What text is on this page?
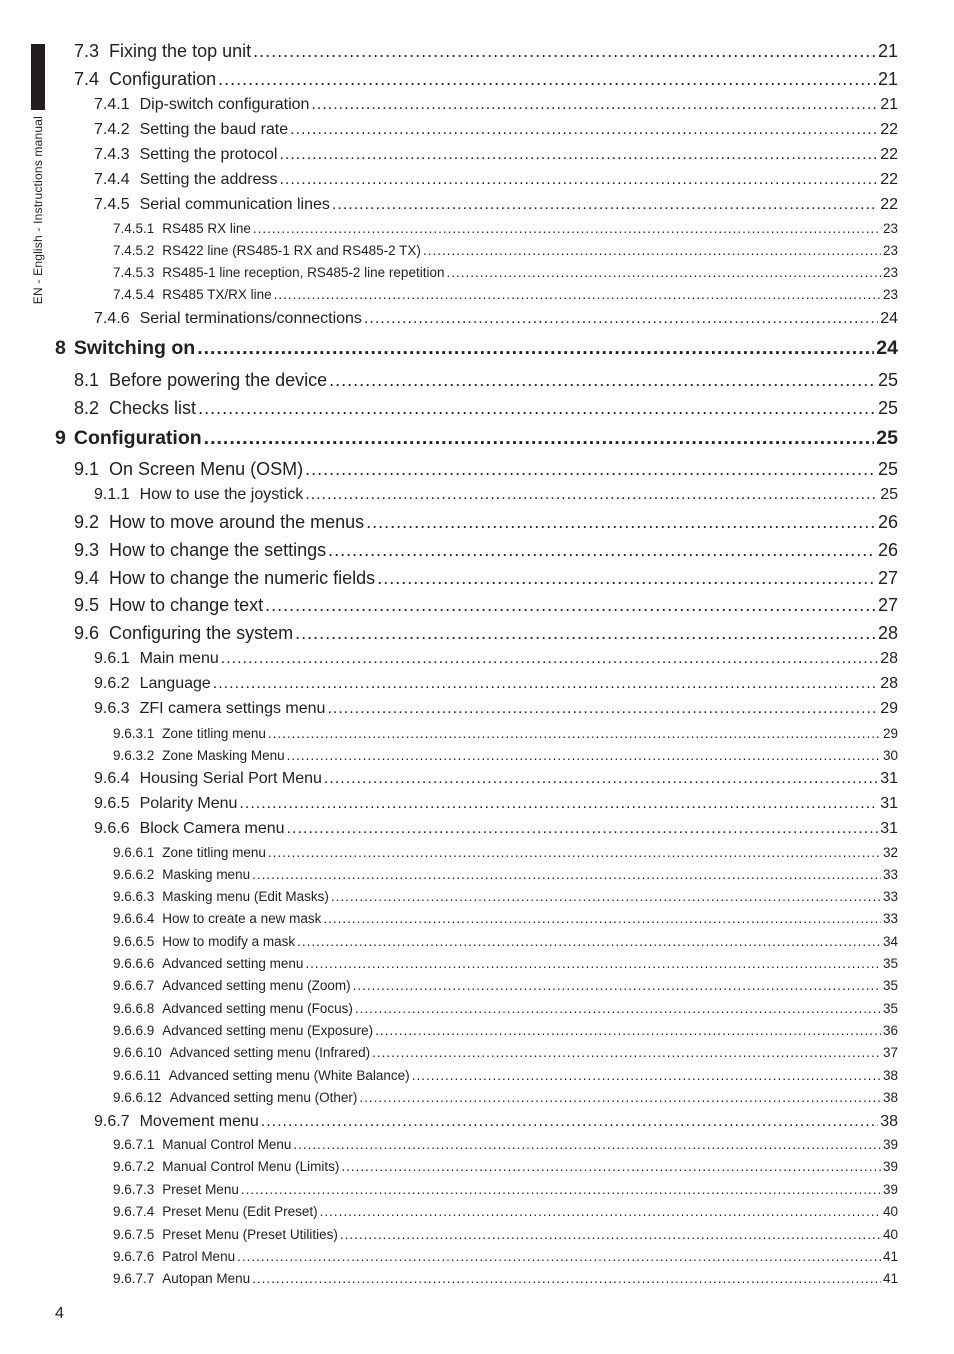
EN - English - Instructions manual
7.3 Fixing the top unit .....	21
7.4 Configuration .....	21
7.4.1 Dip-switch configuration .....	21
7.4.2 Setting the baud rate .....	22
7.4.3 Setting the protocol .....	22
7.4.4 Setting the address .....	22
7.4.5 Serial communication lines .....	22
7.4.5.1 RS485 RX line .....	23
7.4.5.2 RS422 line (RS485-1 RX and RS485-2 TX) .....	23
7.4.5.3 RS485-1 line reception, RS485-2 line repetition .....	23
7.4.5.4 RS485 TX/RX line .....	23
7.4.6 Serial terminations/connections .....	24
8 Switching on .....	24
8.1 Before powering the device .....	25
8.2 Checks list .....	25
9 Configuration .....	25
9.1 On Screen Menu (OSM) .....	25
9.1.1 How to use the joystick .....	25
9.2 How to move around the menus .....	26
9.3 How to change the settings .....	26
9.4 How to change the numeric fields .....	27
9.5 How to change text .....	27
9.6 Configuring the system .....	28
9.6.1 Main menu .....	28
9.6.2 Language .....	28
9.6.3 ZFI camera settings menu .....	29
9.6.3.1 Zone titling menu .....	29
9.6.3.2 Zone Masking Menu .....	30
9.6.4 Housing Serial Port Menu .....	31
9.6.5 Polarity Menu .....	31
9.6.6 Block Camera menu .....	31
9.6.6.1 Zone titling menu .....	32
9.6.6.2 Masking menu .....	33
9.6.6.3 Masking menu (Edit Masks) .....	33
9.6.6.4 How to create a new mask .....	33
9.6.6.5 How to modify a mask .....	34
9.6.6.6 Advanced setting menu .....	35
9.6.6.7 Advanced setting menu (Zoom) .....	35
9.6.6.8 Advanced setting menu (Focus) .....	35
9.6.6.9 Advanced setting menu (Exposure) .....	36
9.6.6.10 Advanced setting menu (Infrared) .....	37
9.6.6.11 Advanced setting menu (White Balance) .....	38
9.6.6.12 Advanced setting menu (Other) .....	38
9.6.7 Movement menu .....	38
9.6.7.1 Manual Control Menu .....	39
9.6.7.2 Manual Control Menu (Limits) .....	39
9.6.7.3 Preset Menu .....	39
9.6.7.4 Preset Menu (Edit Preset) .....	40
9.6.7.5 Preset Menu (Preset Utilities) .....	40
9.6.7.6 Patrol Menu .....	41
9.6.7.7 Autopan Menu .....	41
4
